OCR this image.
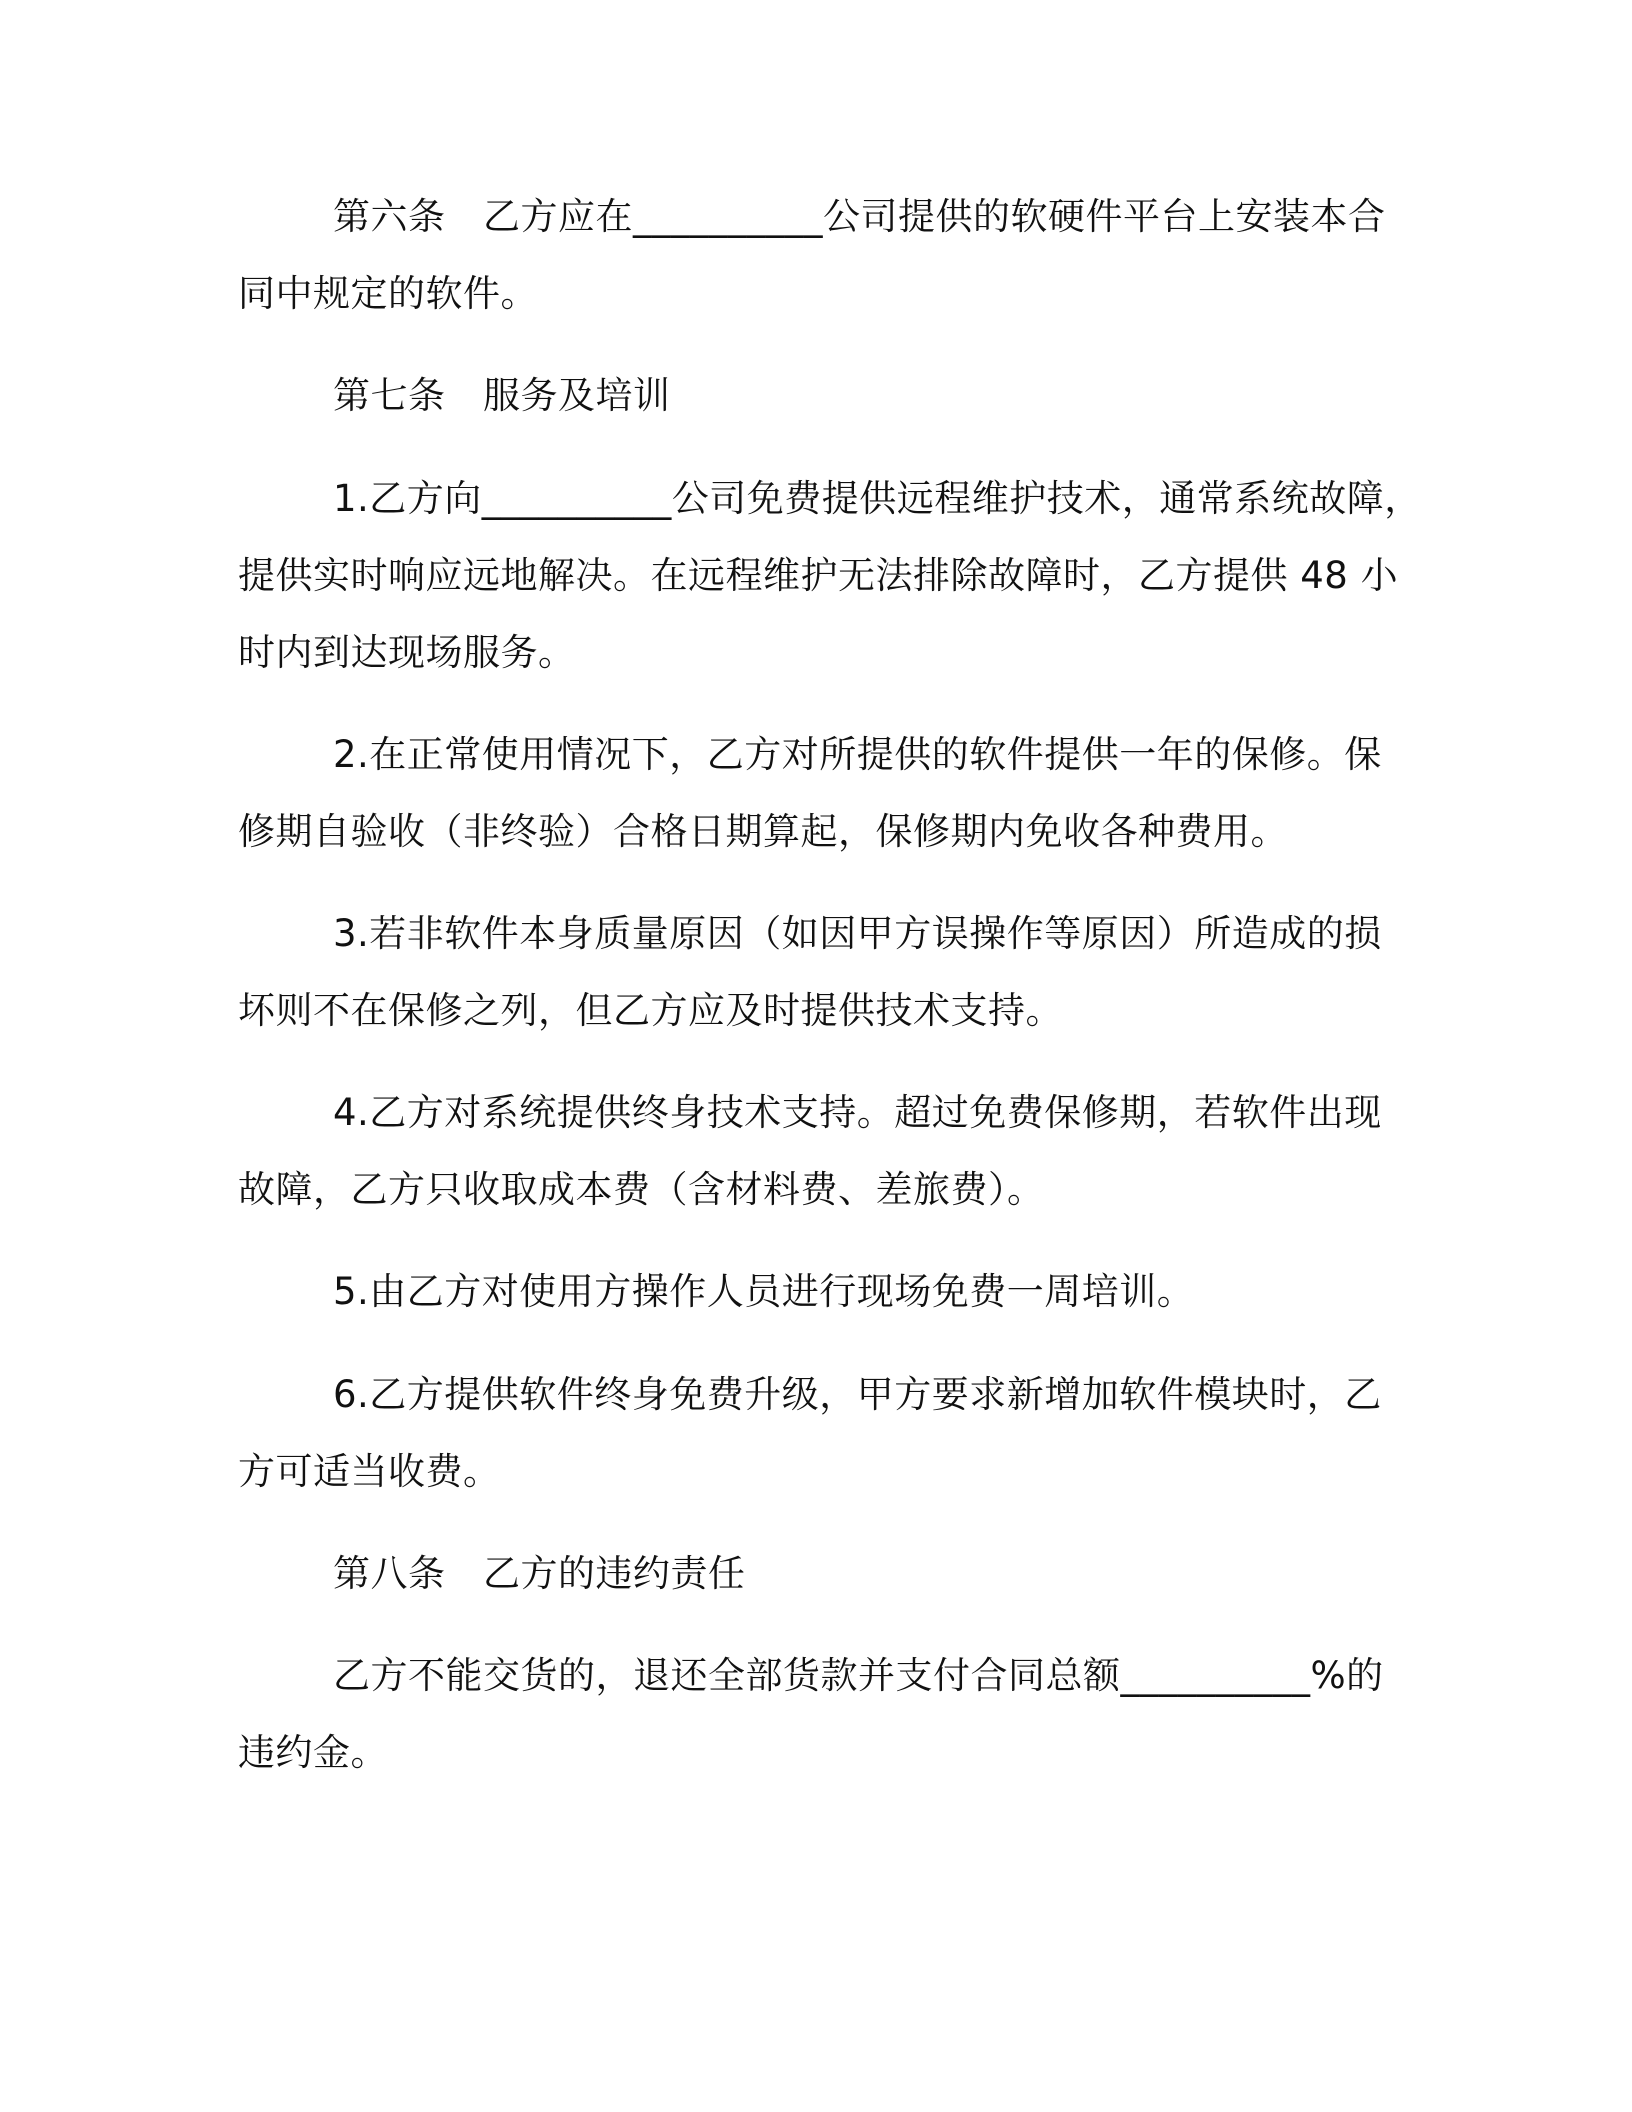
第六条　乙方应在__________公司提供的软硬件平台上安装本合
同中规定的软件。
第七条　服务及培训
1.乙方向__________公司免费提供远程维护技术，通常系统故障，
提供实时响应远地解决。在远程维护无法排除故障时，乙方提供 48 小
时内到达现场服务。
2.在正常使用情况下，乙方对所提供的软件提供一年的保修。保
修期自验收（非终验）合格日期算起，保修期内免收各种费用。
3.若非软件本身质量原因（如因甲方误操作等原因）所造成的损
坏则不在保修之列，但乙方应及时提供技术支持。
4.乙方对系统提供终身技术支持。超过免费保修期，若软件出现
故障，乙方只收取成本费（含材料费、差旅费）。
5.由乙方对使用方操作人员进行现场免费一周培训。
6.乙方提供软件终身免费升级，甲方要求新增加软件模块时，乙
方可适当收费。
第八条　乙方的违约责任
乙方不能交货的，退还全部货款并支付合同总额__________%的
违约金。
